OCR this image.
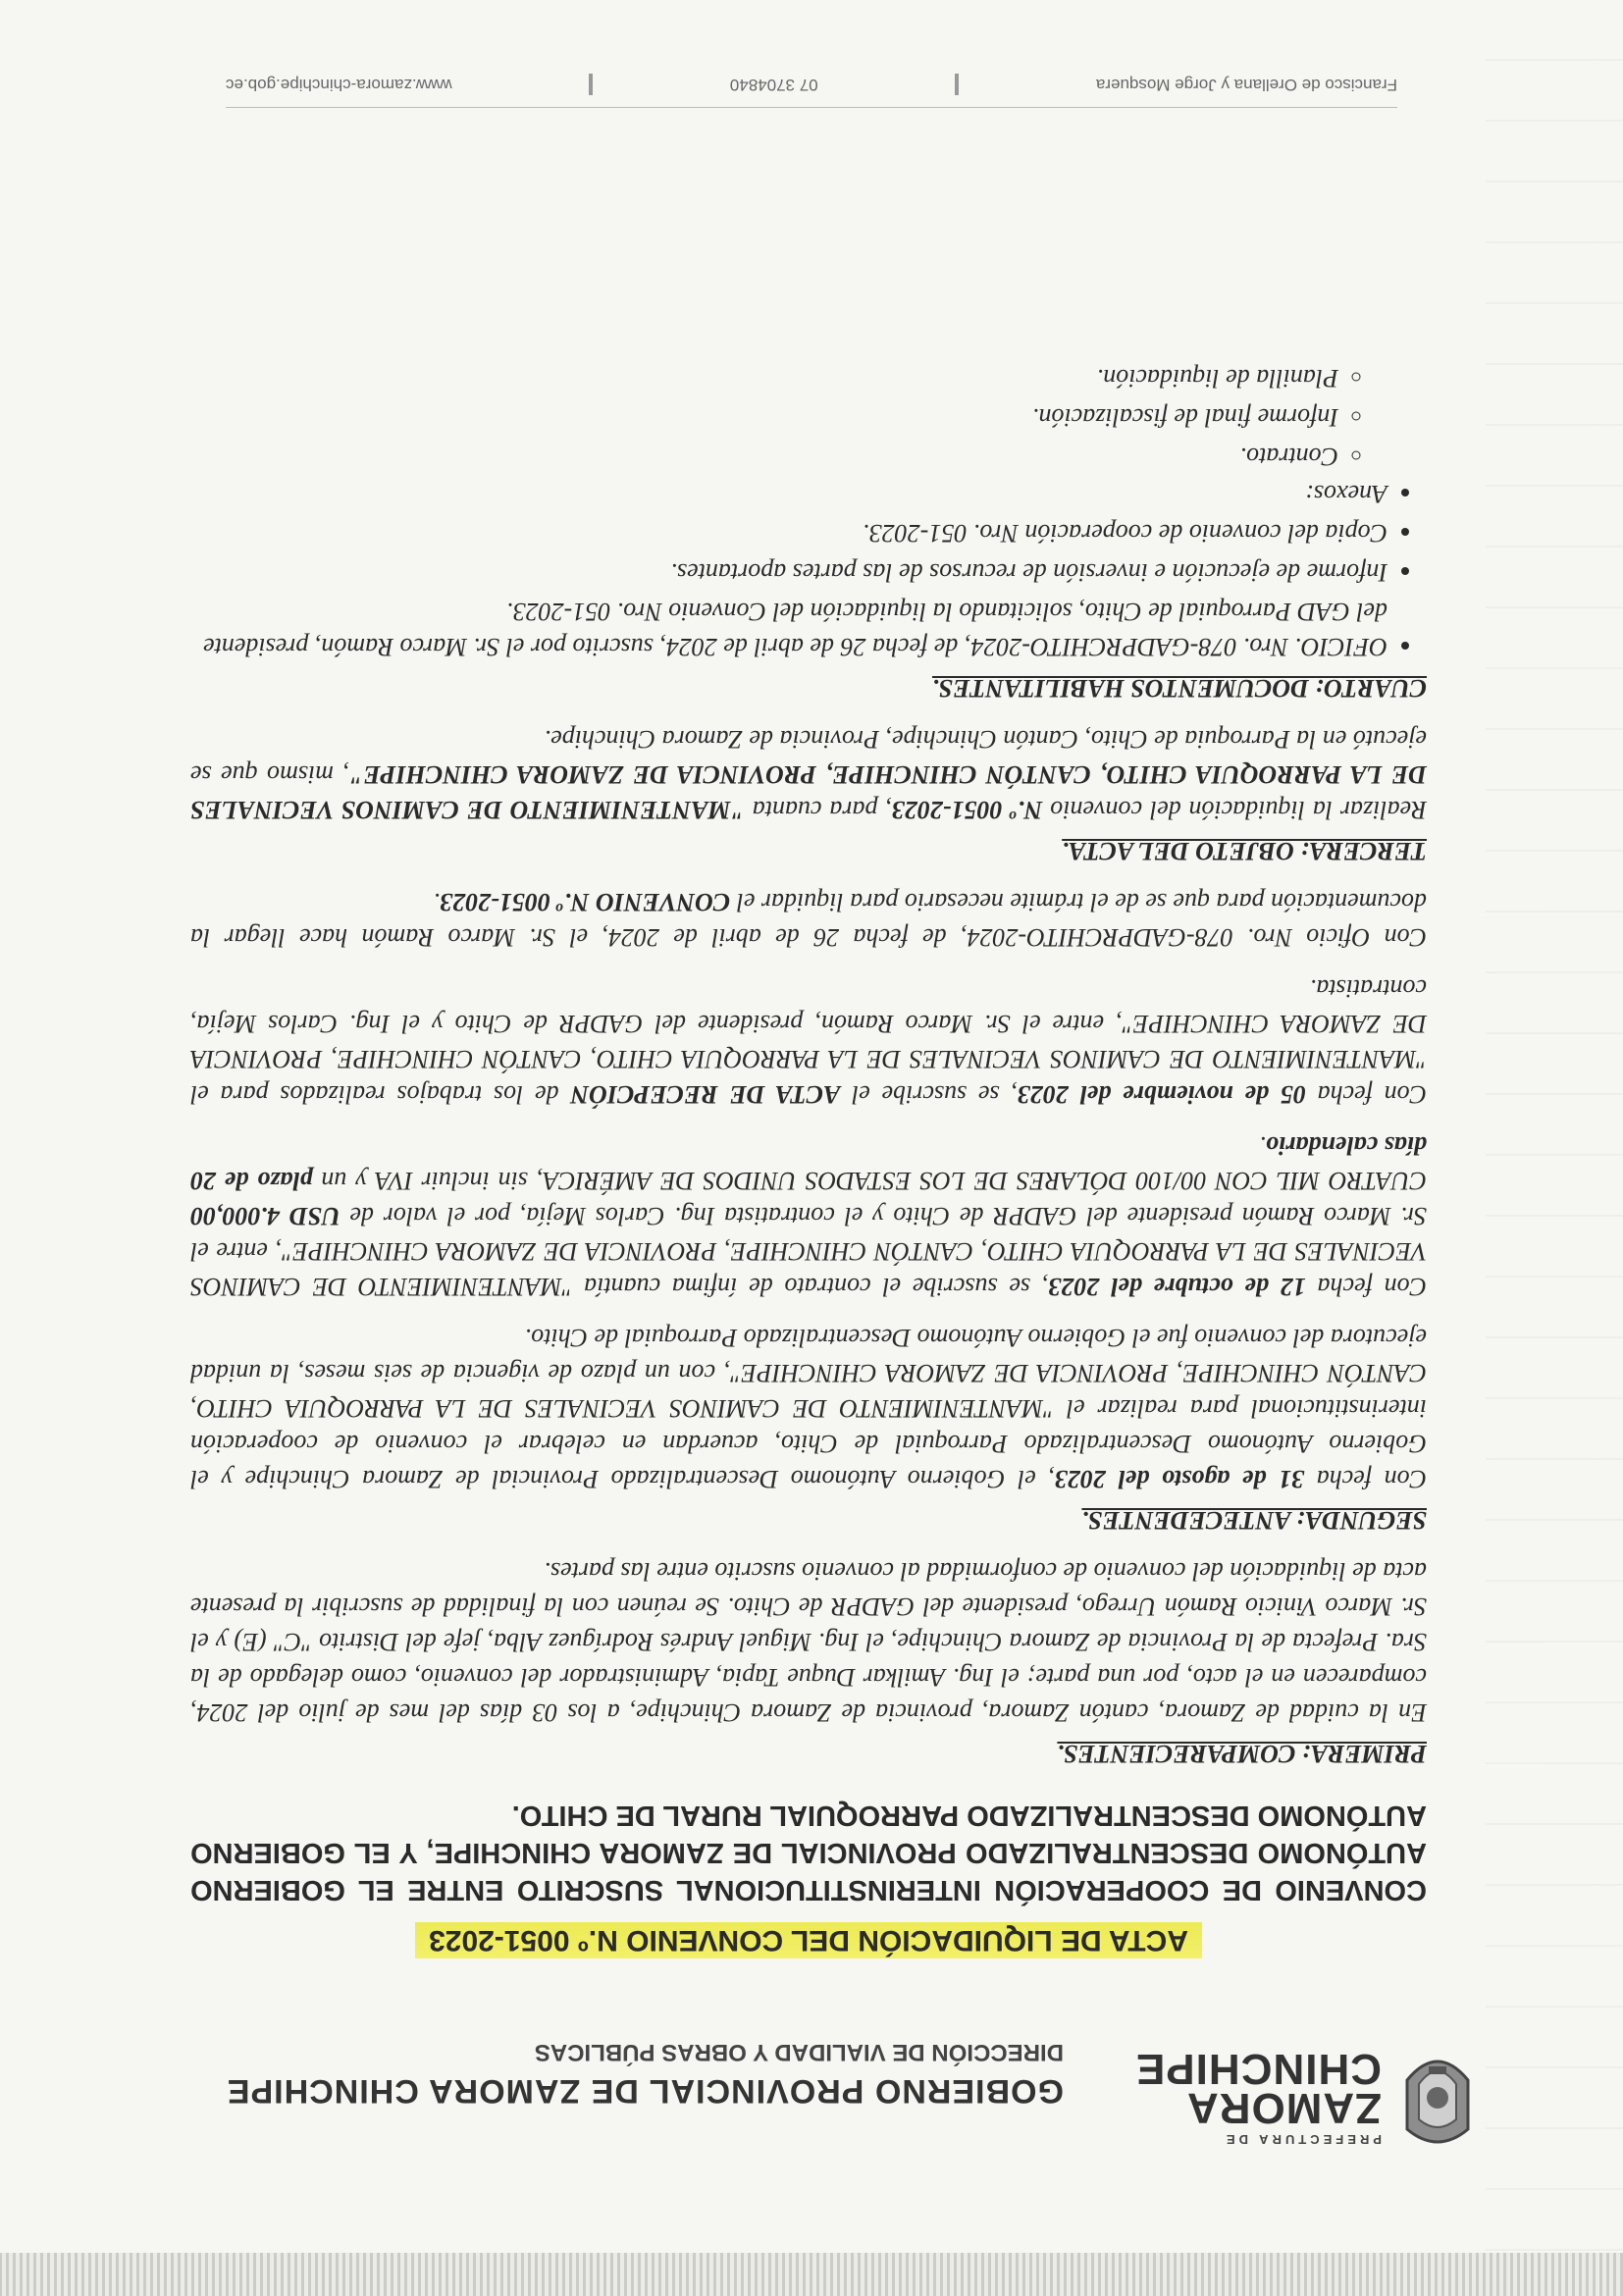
PREFECTURA DE
ZAMORA
CHINCHIPE
GOBIERNO PROVINCIAL DE ZAMORA CHINCHIPE
DIRECCIÓN DE VIALIDAD Y OBRAS PÚBLICAS
ACTA DE LIQUIDACIÓN DEL CONVENIO N.º 0051-2023
CONVENIO DE COOPERACIÓN INTERINSTITUCIONAL SUSCRITO ENTRE EL GOBIERNO AUTÓNOMO DESCENTRALIZADO PROVINCIAL DE ZAMORA CHINCHIPE, Y EL GOBIERNO AUTÓNOMO DESCENTRALIZADO PARROQUIAL RURAL DE CHITO.
PRIMERA: COMPARECIENTES.

En la cuidad de Zamora, cantón Zamora, provincia de Zamora Chinchipe, a los 03 días del mes de julio del 2024, comparecen en el acto, por una parte; el Ing. Amilkar Duque Tapia, Administrador del convenio, como delegado de la Sra. Prefecta de la Provincia de Zamora Chinchipe, el Ing. Miguel Andrés Rodríguez Alba, jefe del Distrito "C" (E) y el Sr. Marco Vinicio Ramón Urrego, presidente del GADPR de Chito. Se reúnen con la finalidad de suscribir la presente acta de liquidación del convenio de conformidad al convenio suscrito entre las partes.

SEGUNDA: ANTECEDENTES.

Con fecha 31 de agosto del 2023, el Gobierno Autónomo Descentralizado Provincial de Zamora Chinchipe y el Gobierno Autónomo Descentralizado Parroquial de Chito, acuerdan en celebrar el convenio de cooperación interinstitucional para realizar el "MANTENIMIENTO DE CAMINOS VECINALES DE LA PARROQUIA CHITO, CANTÓN CHINCHIPE, PROVINCIA DE ZAMORA CHINCHIPE", con un plazo de vigencia de seis meses, la unidad ejecutora del convenio fue el Gobierno Autónomo Descentralizado Parroquial de Chito.

Con fecha 12 de octubre del 2023, se suscribe el contrato de ínfima cuantía "MANTENIMIENTO DE CAMINOS VECINALES DE LA PARROQUIA CHITO, CANTÓN CHINCHIPE, PROVINCIA DE ZAMORA CHINCHIPE", entre el Sr. Marco Ramón presidente del GADPR de Chito y el contratista Ing. Carlos Mejía, por el valor de USD 4.000,00 CUATRO MIL CON 00/100 DÓLARES DE LOS ESTADOS UNIDOS DE AMÉRICA, sin incluir IVA y un plazo de 20 días calendario.

Con fecha 05 de noviembre del 2023, se suscribe el ACTA DE RECEPCIÓN de los trabajos realizados para el "MANTENIMIENTO DE CAMINOS VECINALES DE LA PARROQUIA CHITO, CANTÓN CHINCHIPE, PROVINCIA DE ZAMORA CHINCHIPE", entre el Sr. Marco Ramón, presidente del GADPR de Chito y el Ing. Carlos Mejía, contratista.

Con Oficio Nro. 078-GADPRCHITO-2024, de fecha 26 de abril de 2024, el Sr. Marco Ramón hace llegar la documentación para que se de el trámite necesario para liquidar el CONVENIO N.º 0051-2023.

TERCERA: OBJETO DEL ACTA.

Realizar la liquidación del convenio N.º 0051-2023, para cuanta "MANTENIMIENTO DE CAMINOS VECINALES DE LA PARROQUIA CHITO, CANTÓN CHINCHIPE, PROVINCIA DE ZAMORA CHINCHIPE", mismo que se ejecutó en la Parroquia de Chito, Cantón Chinchipe, Provincia de Zamora Chinchipe.

CUARTO: DOCUMENTOS HABILITANTES.
• OFICIO. Nro. 078-GADPRCHITO-2024, de fecha 26 de abril de 2024, suscrito por el Sr. Marco Ramón, presidente del GAD Parroquial de Chito, solicitando la liquidación del Convenio Nro. 051-2023.
• Informe de ejecución e inversión de recursos de las partes aportantes.
• Copia del convenio de cooperación Nro. 051-2023.
• Anexos:
◦ Contrato.
◦ Informe final de fiscalización.
◦ Planilla de liquidación.
Francisco de Orellana y Jorge Mosquera
07 3704840
www.zamora-chinchipe.gob.ec
